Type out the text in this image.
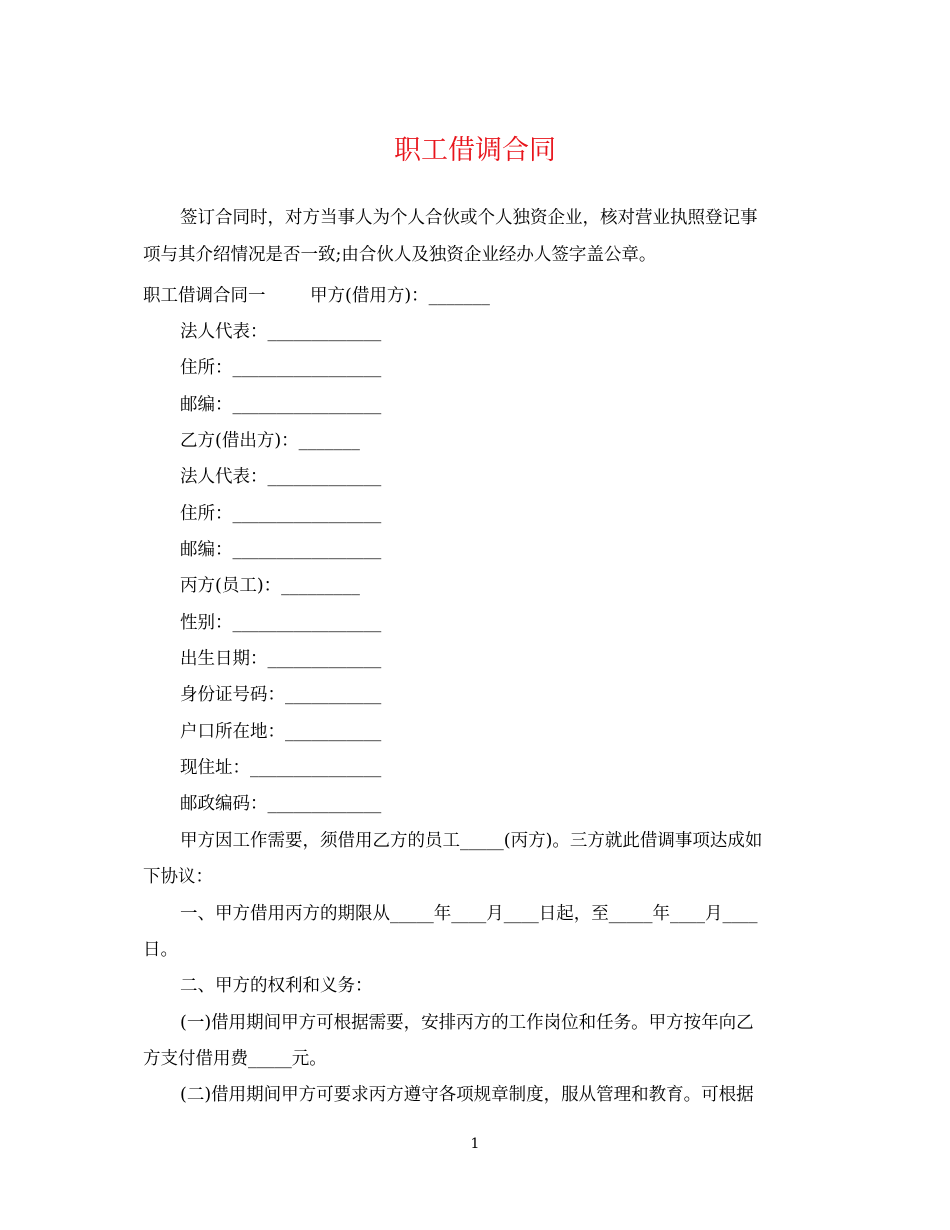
职工借调合同

签订合同时，对方当事人为个人合伙或个人独资企业，核对营业执照登记事

项与其介绍情况是否一致;由合伙人及独资企业经办人签字盖公章。

职工借调合同一        甲方(借用方)：_______

法人代表：_____________

住所：_________________

邮编：_________________

乙方(借出方)：_______

法人代表：_____________

住所：_________________

邮编：_________________

丙方(员工)：_________

性别：_________________

出生日期：_____________

身份证号码：___________

户口所在地：___________

现住址：_______________

邮政编码：_____________

甲方因工作需要，须借用乙方的员工_____(丙方)。三方就此借调事项达成如

下协议：

一、甲方借用丙方的期限从_____年____月____日起，至_____年____月____

日。

二、甲方的权利和义务：

(一)借用期间甲方可根据需要，安排丙方的工作岗位和任务。甲方按年向乙

方支付借用费_____元。

(二)借用期间甲方可要求丙方遵守各项规章制度，服从管理和教育。可根据

1
